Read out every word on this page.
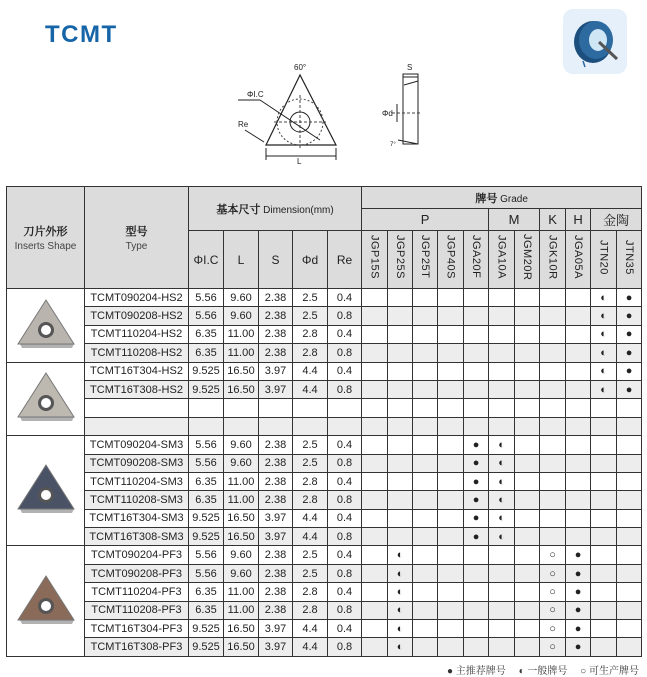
TCMT
60°
ΦI.C
Re
L
S
Φd
7°
刀片外形
Inserts Shape	型号
Type	基本尺寸 Dimension(mm)					牌号 Grade										
							P					M		K	H	金陶	
		ΦI.C	L	S	Φd	Re	JGP15S	JGP25S	JGP25T	JGP40S	JGA20F	JGA10A	JGM20R	JGK10R	JGA05A	JTN20	JTN35
	TCMT090204-HS2	5.56	9.60	2.38	2.5	0.4										◐	●
	TCMT090208-HS2	5.56	9.60	2.38	2.5	0.8										◐	●
	TCMT110204-HS2	6.35	11.00	2.38	2.8	0.4										◐	●
	TCMT110208-HS2	6.35	11.00	2.38	2.8	0.8										◐	●
	TCMT16T304-HS2	9.525	16.50	3.97	4.4	0.4										◐	●
	TCMT16T308-HS2	9.525	16.50	3.97	4.4	0.8										◐	●

	TCMT090204-SM3	5.56	9.60	2.38	2.5	0.4					●	◐					
	TCMT090208-SM3	5.56	9.60	2.38	2.5	0.8					●	◐					
	TCMT110204-SM3	6.35	11.00	2.38	2.8	0.4					●	◐					
	TCMT110208-SM3	6.35	11.00	2.38	2.8	0.8					●	◐					
	TCMT16T304-SM3	9.525	16.50	3.97	4.4	0.4					●	◐					
	TCMT16T308-SM3	9.525	16.50	3.97	4.4	0.8					●	◐					
	TCMT090204-PF3	5.56	9.60	2.38	2.5	0.4		◐						○	●		
	TCMT090208-PF3	5.56	9.60	2.38	2.5	0.8		◐						○	●		
	TCMT110204-PF3	6.35	11.00	2.38	2.8	0.4		◐						○	●		
	TCMT110208-PF3	6.35	11.00	2.38	2.8	0.8		◐						○	●		
	TCMT16T304-PF3	9.525	16.50	3.97	4.4	0.4		◐						○	●		
	TCMT16T308-PF3	9.525	16.50	3.97	4.4	0.8		◐						○	●		
● 主推荐牌号 ◐ 一般牌号 ○ 可生产牌号
